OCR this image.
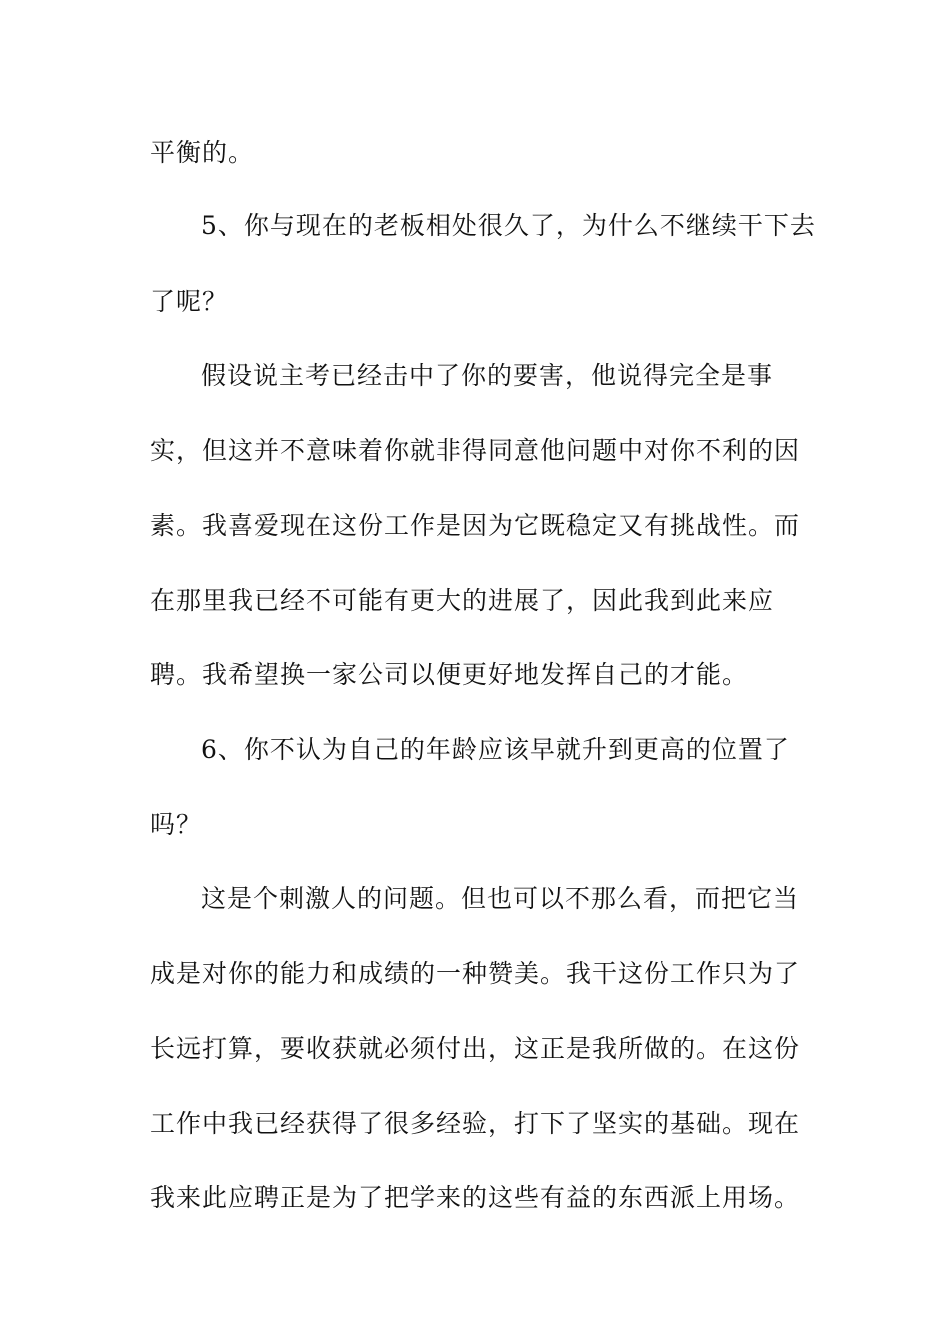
平衡的。
5、你与现在的老板相处很久了，为什么不继续干下去
了呢？
假设说主考已经击中了你的要害，他说得完全是事
实，但这并不意味着你就非得同意他问题中对你不利的因
素。我喜爱现在这份工作是因为它既稳定又有挑战性。而
在那里我已经不可能有更大的进展了，因此我到此来应
聘。我希望换一家公司以便更好地发挥自己的才能。
6、你不认为自己的年龄应该早就升到更高的位置了
吗？
这是个刺激人的问题。但也可以不那么看，而把它当
成是对你的能力和成绩的一种赞美。我干这份工作只为了
长远打算，要收获就必须付出，这正是我所做的。在这份
工作中我已经获得了很多经验，打下了坚实的基础。现在
我来此应聘正是为了把学来的这些有益的东西派上用场。
